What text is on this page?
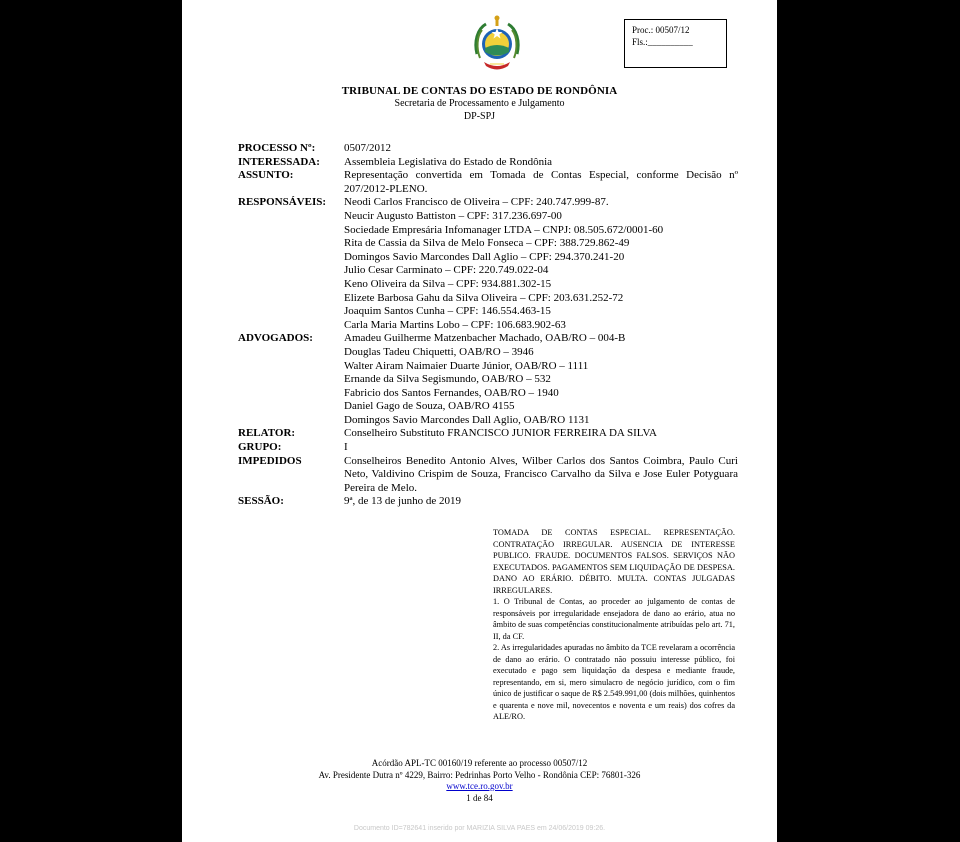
Proc.: 00507/12
Fls.:__________
TRIBUNAL DE CONTAS DO ESTADO DE RONDÔNIA
Secretaria de Processamento e Julgamento
DP-SPJ
PROCESSO Nº:	0507/2012
INTERESSADA:	Assembleia Legislativa do Estado de Rondônia
ASSUNTO:	Representação convertida em Tomada de Contas Especial, conforme Decisão nº 207/2012-PLENO.
RESPONSÁVEIS:	Neodi Carlos Francisco de Oliveira – CPF: 240.747.999-87.
Neucir Augusto Battiston – CPF: 317.236.697-00
Sociedade Empresária Infomanager LTDA – CNPJ: 08.505.672/0001-60
Rita de Cassia da Silva de Melo Fonseca – CPF: 388.729.862-49
Domingos Savio Marcondes Dall Aglio – CPF: 294.370.241-20
Julio Cesar Carminato – CPF: 220.749.022-04
Keno Oliveira da Silva – CPF: 934.881.302-15
Elizete Barbosa Gahu da Silva Oliveira – CPF: 203.631.252-72
Joaquim Santos Cunha – CPF: 146.554.463-15
Carla Maria Martins Lobo – CPF: 106.683.902-63
ADVOGADOS:	Amadeu Guilherme Matzenbacher Machado, OAB/RO – 004-B
Douglas Tadeu Chiquetti, OAB/RO – 3946
Walter Airam Naimaier Duarte Júnior, OAB/RO – 1111
Ernande da Silva Segismundo, OAB/RO – 532
Fabricio dos Santos Fernandes, OAB/RO – 1940
Daniel Gago de Souza, OAB/RO 4155
Domingos Savio Marcondes Dall Aglio, OAB/RO 1131
RELATOR:	Conselheiro Substituto FRANCISCO JUNIOR FERREIRA DA SILVA
GRUPO:	I
IMPEDIDOS	Conselheiros Benedito Antonio Alves, Wilber Carlos dos Santos Coimbra, Paulo Curi Neto, Valdivino Crispim de Souza, Francisco Carvalho da Silva e Jose Euler Potyguara Pereira de Melo.
SESSÃO:	9ª, de 13 de junho de 2019

TOMADA DE CONTAS ESPECIAL. REPRESENTAÇÃO. CONTRATAÇÃO IRREGULAR. AUSENCIA DE INTERESSE PUBLICO. FRAUDE. DOCUMENTOS FALSOS. SERVIÇOS NÃO EXECUTADOS. PAGAMENTOS SEM LIQUIDAÇÃO DE DESPESA. DANO AO ERÁRIO. DÉBITO. MULTA. CONTAS JULGADAS IRREGULARES.

1. O Tribunal de Contas, ao proceder ao julgamento de contas de responsáveis por irregularidade ensejadora de dano ao erário, atua no âmbito de suas competências constitucionalmente atribuídas pelo art. 71, II, da CF.

2. As irregularidades apuradas no âmbito da TCE revelaram a ocorrência de dano ao erário. O contratado não possuiu interesse público, foi executado e pago sem liquidação da despesa e mediante fraude, representando, em si, mero simulacro de negócio jurídico, com o fim único de justificar o saque de R$ 2.549.991,00 (dois milhões, quinhentos e quarenta e nove mil, novecentos e noventa e um reais) dos cofres da ALE/RO.

Acórdão APL-TC 00160/19 referente ao processo 00507/12
Av. Presidente Dutra nº 4229, Bairro: Pedrinhas Porto Velho - Rondônia CEP: 76801-326
www.tce.ro.gov.br
1 de 84
Documento ID=782641 inserido por MARIZIA SILVA PAES em 24/06/2019 09:26.
